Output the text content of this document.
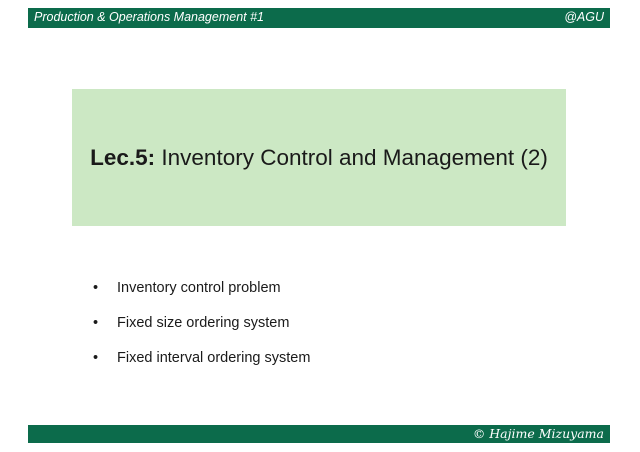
Production & Operations Management #1	@AGU
Lec.5: Inventory Control and Management (2)
• Inventory control problem
• Fixed size ordering system
• Fixed interval ordering system
© Hajime Mizuyama
